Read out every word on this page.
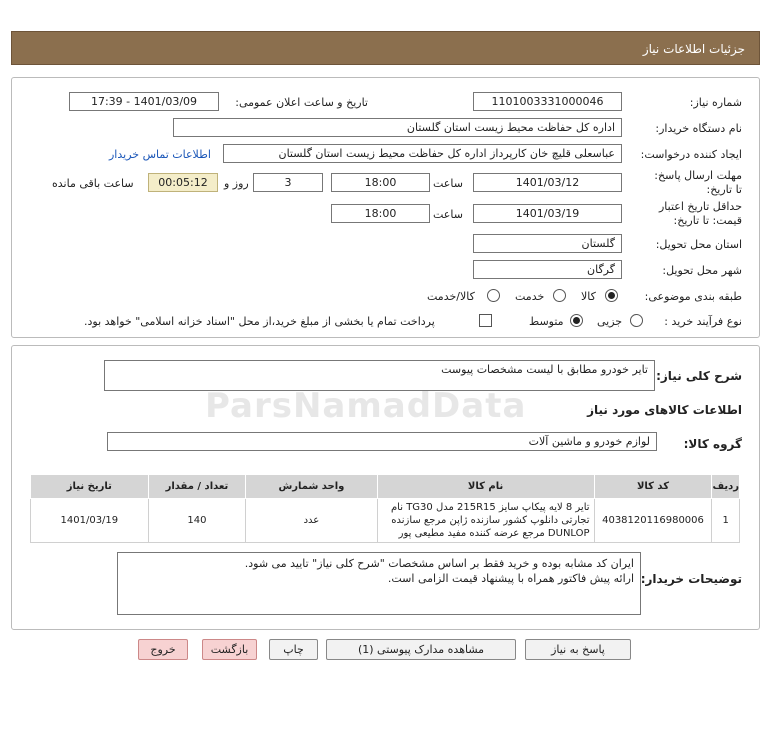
جزئیات اطلاعات نیاز
شماره نیاز:
1101003331000046
تاریخ و ساعت اعلان عمومی:
1401/03/09 - 17:39
نام دستگاه خریدار:
اداره کل حفاظت محیط زیست استان گلستان
ایجاد کننده درخواست:
عباسعلی قلیچ خان کارپرداز اداره کل حفاظت محیط زیست استان گلستان
اطلاعات تماس خریدار
مهلت ارسال پاسخ: تا تاریخ:
1401/03/12
ساعت
18:00
3
روز و
00:05:12
ساعت باقی مانده
حداقل تاریخ اعتبار قیمت: تا تاریخ:
1401/03/19
ساعت
18:00
استان محل تحویل:
گلستان
شهر محل تحویل:
گرگان
طبقه بندی موضوعی:
کالا
خدمت
کالا/خدمت
نوع فرآیند خرید :
جزیی
متوسط
پرداخت تمام یا بخشی از مبلغ خرید،از محل "اسناد خزانه اسلامی" خواهد بود.
شرح کلی نیاز:
تایر خودرو مطابق با لیست مشخصات پیوست
اطلاعات کالاهای مورد نیاز
گروه کالا:
لوازم خودرو و ماشین آلات
ParsNamadData
ردیف	کد کالا	نام کالا	واحد شمارش	تعداد / مقدار	تاریخ نیاز
1	4038120116980006	تایر 8 لایه پیکاپ سایز 215R15 مدل TG30 نام تجارتی دانلوپ کشور سازنده ژاپن مرجع سازنده DUNLOP مرجع عرضه کننده مفید مطیعی پور	عدد	140	1401/03/19
توضیحات خریدار:
ایران کد مشابه بوده و خرید فقط بر اساس مشخصات "شرح کلی نیاز" تایید می شود.
ارائه پیش فاکتور همراه با پیشنهاد قیمت الزامی است.
پاسخ به نیاز
مشاهده مدارک پیوستی (1)
چاپ
بازگشت
خروج
